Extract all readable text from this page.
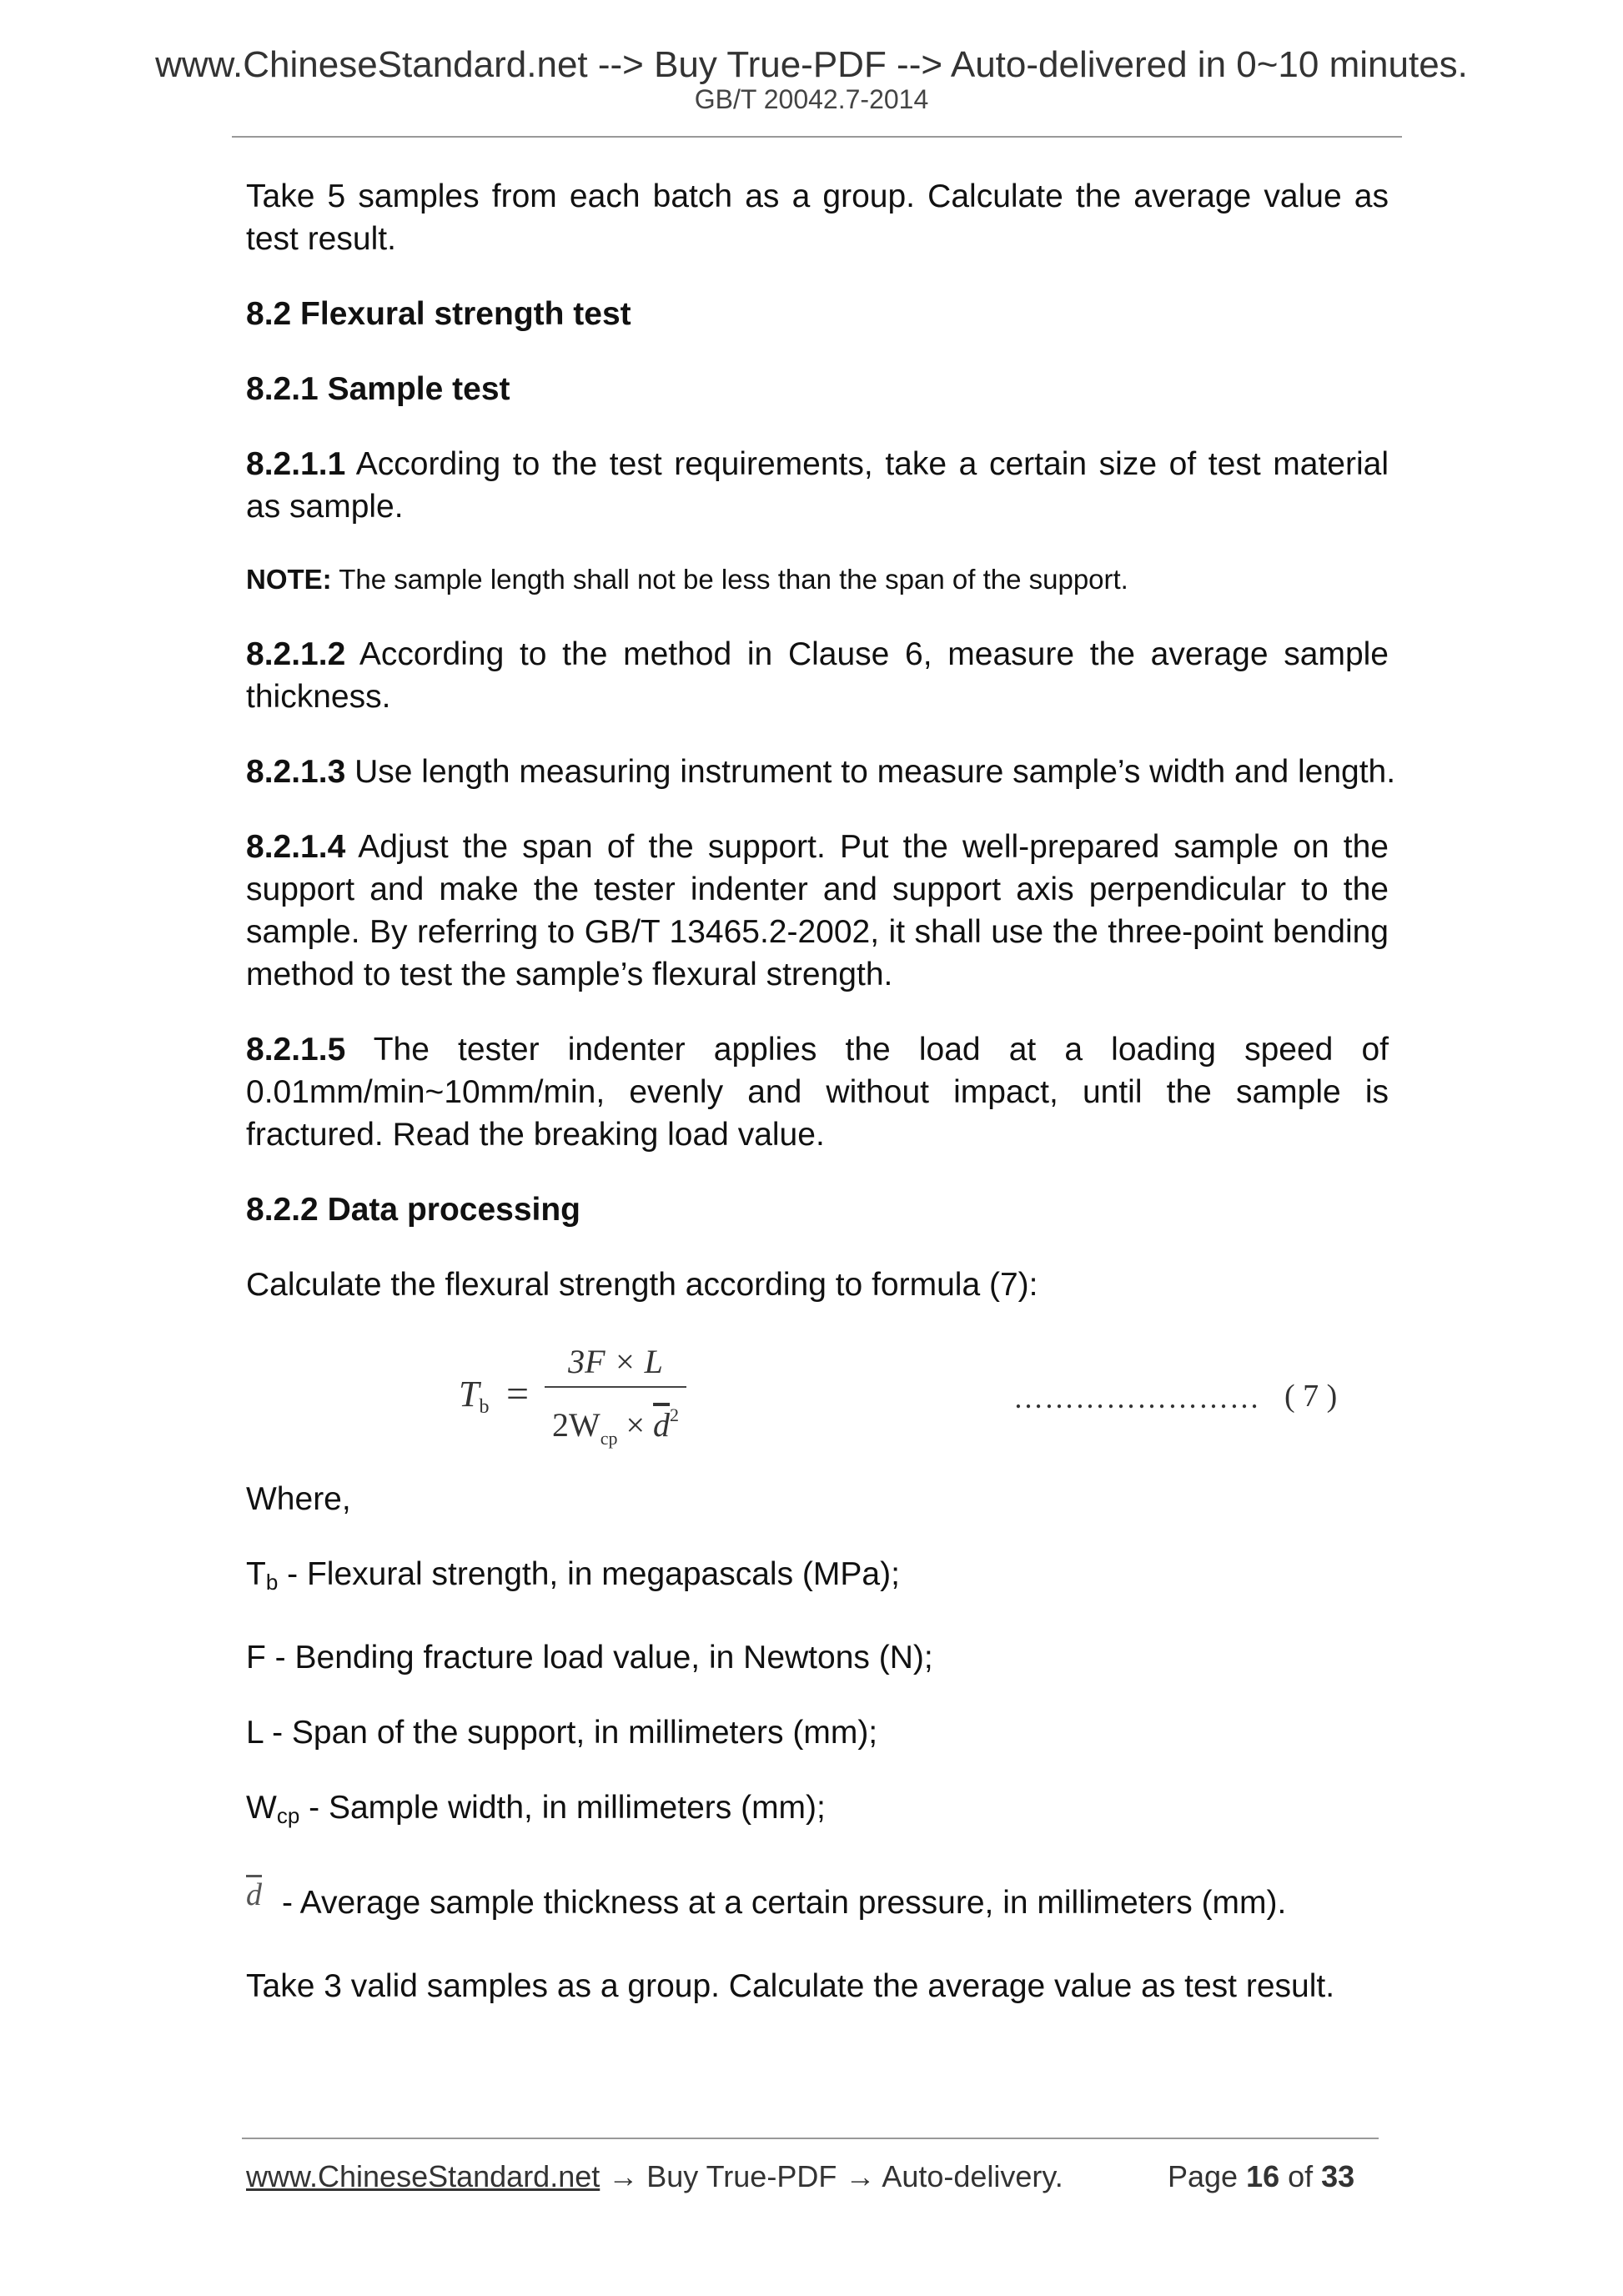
www.ChineseStandard.net --> Buy True-PDF --> Auto-delivered in 0~10 minutes.
GB/T 20042.7-2014

Take 5 samples from each batch as a group. Calculate the average value as test result.

8.2 Flexural strength test

8.2.1 Sample test

8.2.1.1 According to the test requirements, take a certain size of test material as sample.

NOTE: The sample length shall not be less than the span of the support.

8.2.1.2 According to the method in Clause 6, measure the average sample thickness.

8.2.1.3 Use length measuring instrument to measure sample’s width and length.

8.2.1.4 Adjust the span of the support. Put the well-prepared sample on the support and make the tester indenter and support axis perpendicular to the sample. By referring to GB/T 13465.2-2002, it shall use the three-point bending method to test the sample’s flexural strength.

8.2.1.5 The tester indenter applies the load at a loading speed of 0.01mm/min~10mm/min, evenly and without impact, until the sample is fractured. Read the breaking load value.

8.2.2 Data processing

Calculate the flexural strength according to formula (7):

$T_b$ =
3F × L
$2W_{cp} \times \overline{d}^2$
…………………… ( 7 )

Where,

Tb - Flexural strength, in megapascals (MPa);

F - Bending fracture load value, in Newtons (N);

L - Span of the support, in millimeters (mm);

Wcp - Sample width, in millimeters (mm);

$\overline{d}$ - Average sample thickness at a certain pressure, in millimeters (mm).

Take 3 valid samples as a group. Calculate the average value as test result.

www.ChineseStandard.net → Buy True-PDF → Auto-delivery.	Page 16 of 33
